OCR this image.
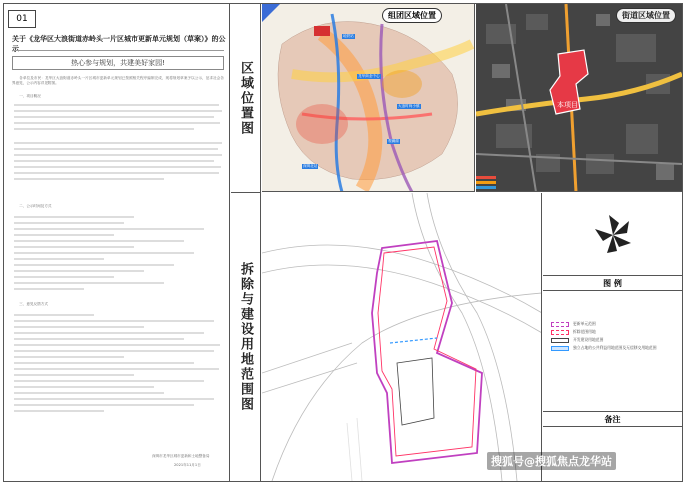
01
关于《龙华区大浪街道赤岭头一片区城市更新单元规划（草案）》的公示
热心参与规划，共建美好家园!
　　各单位及市民：龙华区大浪街道赤岭头一片区城市更新单元规划已按照相关程序编制完成，现将规划草案予以公示，征求社会各界意见，公示内容详见附图。
　　一、项目概况
　　二、公示时间及方式
　　三、意见反馈方式
深圳市龙华区城市更新和土地整备局
2021年11月1日
区域位置图
拆除与建设用地范围图
组团区域位置
地铁站
龙华商业中心
大浪时尚小镇
观澜湖
深圳北站
街道区域位置
本项目
图 例
更新单元范围
拆除范围用地
开发建设用地范围
独立占地的公共利益用地范围及无偿移交用地范围
备注
搜狐号@搜狐焦点龙华站
